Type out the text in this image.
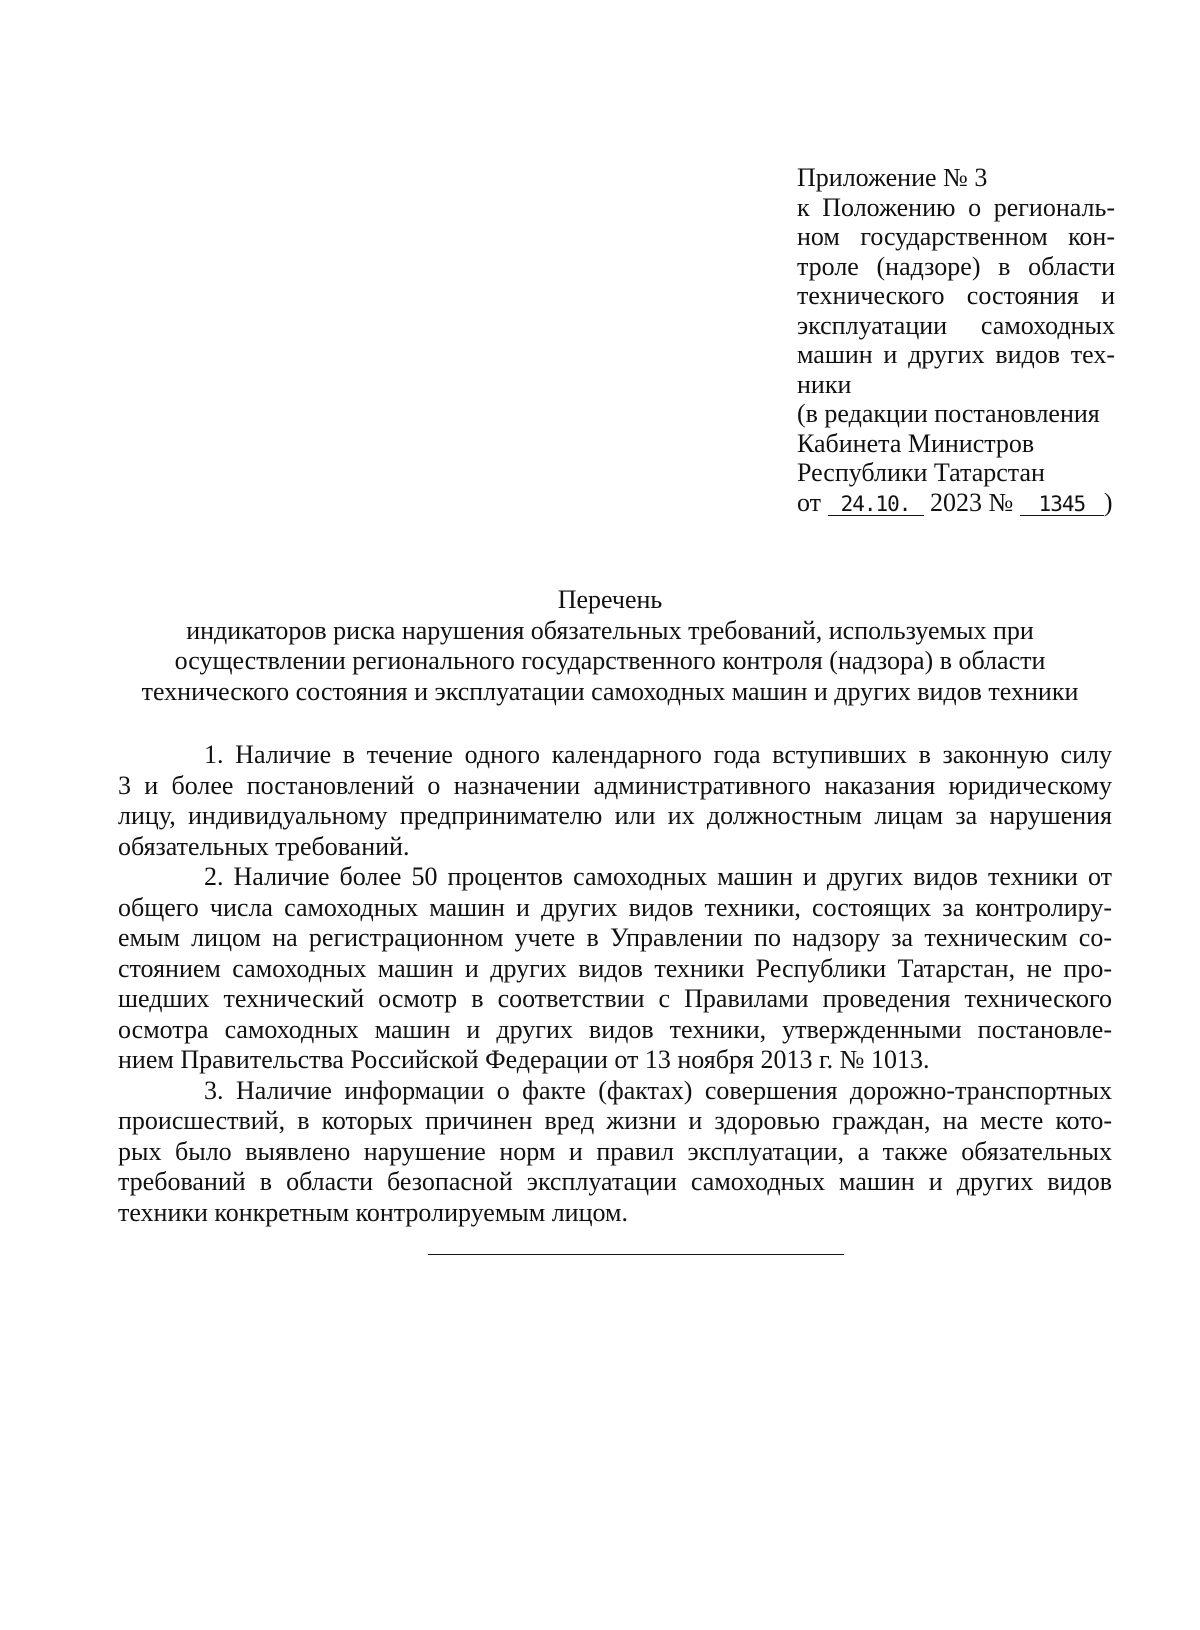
Приложение № 3
к Положению о региональ-
ном государственном кон-
троле (надзоре) в области
технического состояния и
эксплуатации самоходных
машин и других видов тех-
ники
(в редакции постановления
Кабинета Министров
Республики Татарстан
от 24.10. 2023 № 1345 )
Перечень
индикаторов риска нарушения обязательных требований, используемых при
осуществлении регионального государственного контроля (надзора) в области
технического состояния и эксплуатации самоходных машин и других видов техники
1. Наличие в течение одного календарного года вступивших в законную силу
3 и более постановлений о назначении административного наказания юридическому
лицу, индивидуальному предпринимателю или их должностным лицам за нарушения
обязательных требований.
2. Наличие более 50 процентов самоходных машин и других видов техники от
общего числа самоходных машин и других видов техники, состоящих за контролиру-
емым лицом на регистрационном учете в Управлении по надзору за техническим со-
стоянием самоходных машин и других видов техники Республики Татарстан, не про-
шедших технический осмотр в соответствии с Правилами проведения технического
осмотра самоходных машин и других видов техники, утвержденными постановле-
нием Правительства Российской Федерации от 13 ноября 2013 г. № 1013.
3. Наличие информации о факте (фактах) совершения дорожно-транспортных
происшествий, в которых причинен вред жизни и здоровью граждан, на месте кото-
рых было выявлено нарушение норм и правил эксплуатации, а также обязательных
требований в области безопасной эксплуатации самоходных машин и других видов
техники конкретным контролируемым лицом.
